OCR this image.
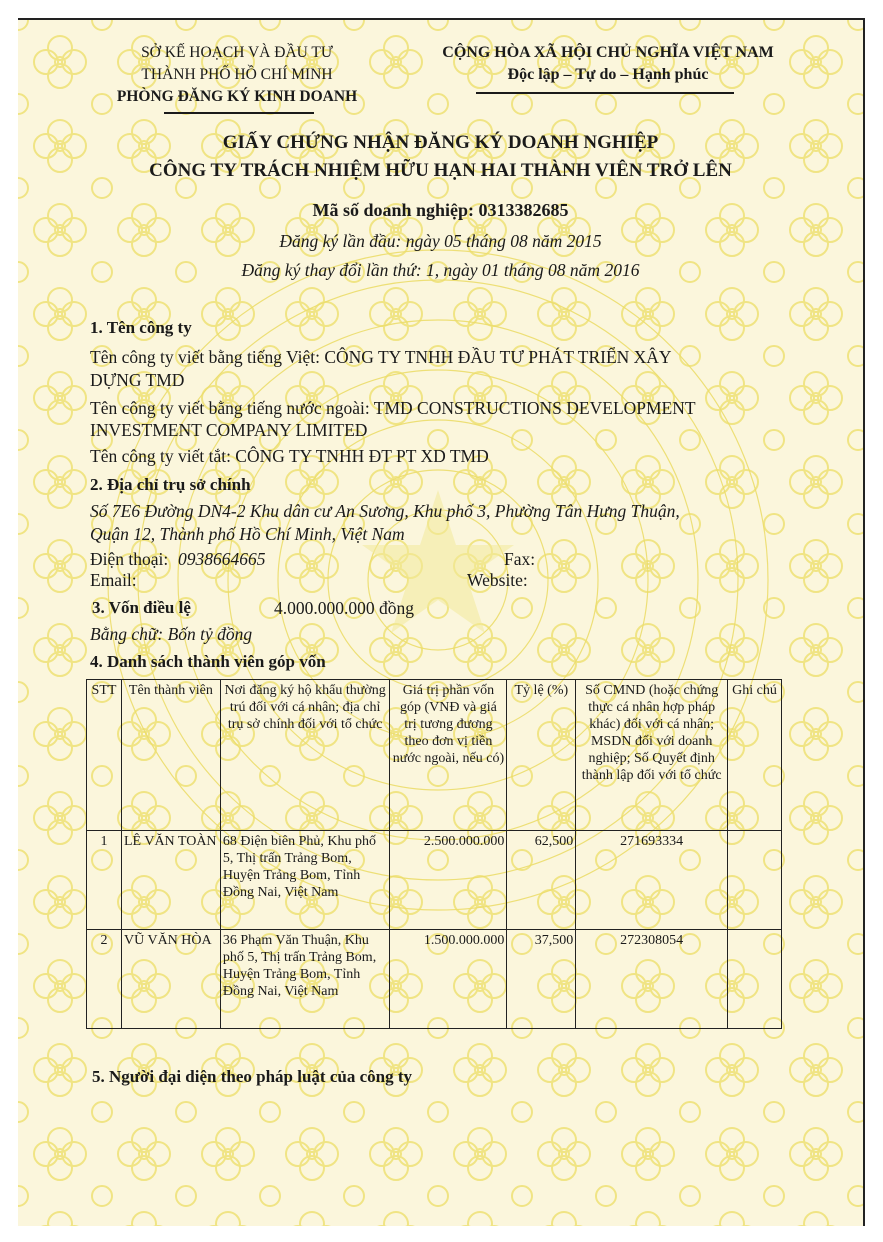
SỞ KẾ HOẠCH VÀ ĐẦU TƯ
THÀNH PHỐ HỒ CHÍ MINH
PHÒNG ĐĂNG KÝ KINH DOANH
CỘNG HÒA XÃ HỘI CHỦ NGHĨA VIỆT NAM
Độc lập – Tự do – Hạnh phúc
GIẤY CHỨNG NHẬN ĐĂNG KÝ DOANH NGHIỆP
CÔNG TY TRÁCH NHIỆM HỮU HẠN HAI THÀNH VIÊN TRỞ LÊN
Mã số doanh nghiệp: 0313382685
Đăng ký lần đầu: ngày 05 tháng 08 năm 2015
Đăng ký thay đổi lần thứ: 1, ngày 01 tháng 08 năm 2016
1. Tên công ty
Tên công ty viết bằng tiếng Việt: CÔNG TY TNHH ĐẦU TƯ PHÁT TRIỂN XÂY
DỰNG TMD
Tên công ty viết bằng tiếng nước ngoài: TMD CONSTRUCTIONS DEVELOPMENT
INVESTMENT COMPANY LIMITED
Tên công ty viết tắt: CÔNG TY TNHH ĐT PT XD TMD
2. Địa chỉ trụ sở chính
Số 7E6 Đường DN4-2 Khu dân cư An Sương, Khu phố 3, Phường Tân Hưng Thuận,
Quận 12, Thành phố Hồ Chí Minh, Việt Nam
Điện thoại: 0938664665	Fax:
Email:	Website:
3. Vốn điều lệ	4.000.000.000 đồng
Bằng chữ: Bốn tỷ đồng
4. Danh sách thành viên góp vốn
STT	Tên thành viên	Nơi đăng ký hộ khẩu thường trú đối với cá nhân; địa chỉ trụ sở chính đối với tổ chức	Giá trị phần vốn góp (VNĐ và giá trị tương đương theo đơn vị tiền nước ngoài, nếu có)	Tỷ lệ (%)	Số CMND (hoặc chứng thực cá nhân hợp pháp khác) đối với cá nhân; MSDN đối với doanh nghiệp; Số Quyết định thành lập đối với tổ chức	Ghi chú
1	LÊ VĂN TOÀN	68 Điện biên Phủ, Khu phố 5, Thị trấn Trảng Bom, Huyện Trảng Bom, Tỉnh Đồng Nai, Việt Nam	2.500.000.000	62,500	271693334	
2	VŨ VĂN HÒA	36 Phạm Văn Thuận, Khu phố 5, Thị trấn Trảng Bom, Huyện Trảng Bom, Tỉnh Đồng Nai, Việt Nam	1.500.000.000	37,500	272308054	
5. Người đại diện theo pháp luật của công ty
